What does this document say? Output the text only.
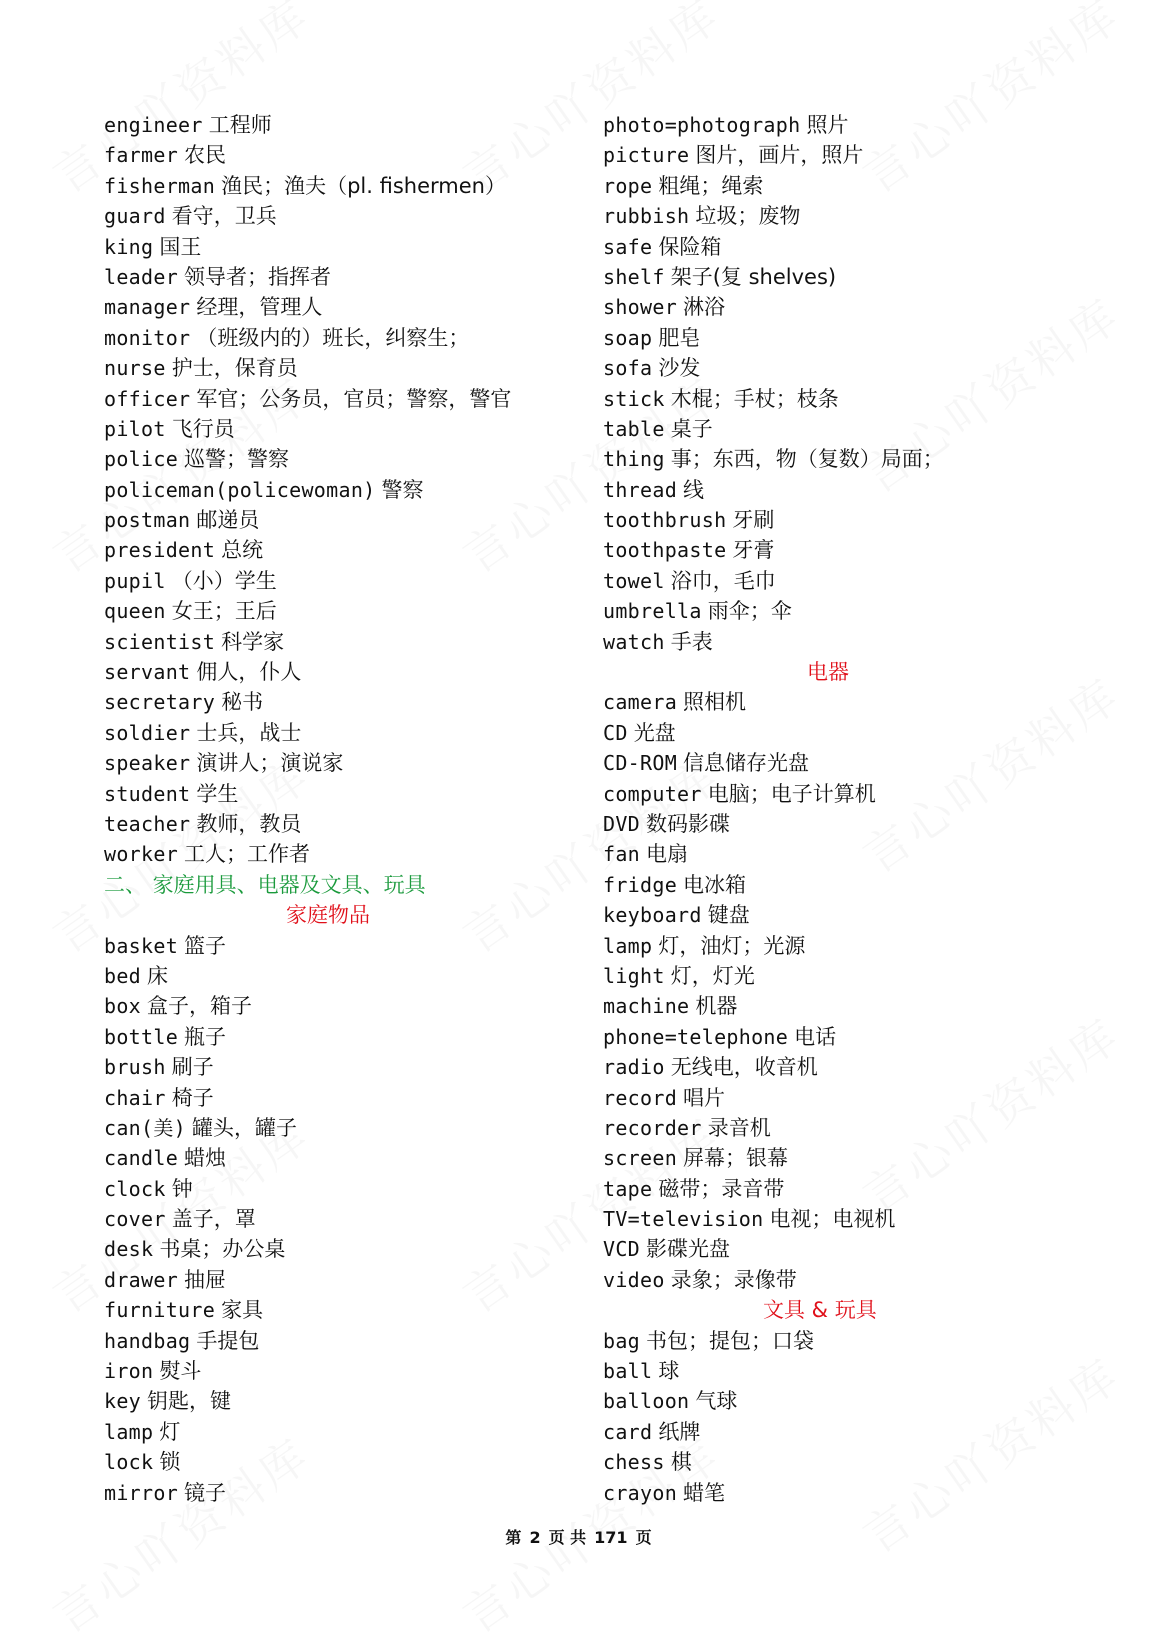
engineer 工程师
farmer 农民
fisherman 渔民；渔夫（pl. fishermen）
guard 看守，卫兵
king 国王
leader 领导者；指挥者
manager 经理，管理人
monitor （班级内的）班长，纠察生；
nurse 护士，保育员
officer 军官；公务员，官员；警察，警官
pilot 飞行员
police 巡警；警察
policeman(policewoman) 警察
postman 邮递员
president 总统
pupil （小）学生
queen 女王；王后
scientist 科学家
servant 佣人，仆人
secretary 秘书
soldier 士兵，战士
speaker 演讲人；演说家
student 学生
teacher 教师，教员
worker 工人；工作者
二、 家庭用具、电器及文具、玩具
家庭物品
basket 篮子
bed 床
box 盒子，箱子
bottle 瓶子
brush 刷子
chair 椅子
can(美) 罐头，罐子
candle 蜡烛
clock 钟
cover 盖子，罩
desk 书桌；办公桌
drawer 抽屉
furniture 家具
handbag 手提包
iron 熨斗
key 钥匙，键
lamp 灯
lock 锁
mirror 镜子
photo=photograph 照片
picture 图片，画片，照片
rope 粗绳；绳索
rubbish 垃圾；废物
safe 保险箱
shelf 架子(复 shelves)
shower 淋浴
soap 肥皂
sofa 沙发
stick 木棍；手杖；枝条
table 桌子
thing 事；东西，物（复数）局面；
thread 线
toothbrush 牙刷
toothpaste 牙膏
towel 浴巾，毛巾
umbrella 雨伞；伞
watch 手表
电器
camera 照相机
CD 光盘
CD-ROM 信息储存光盘
computer 电脑；电子计算机
DVD 数码影碟
fan 电扇
fridge 电冰箱
keyboard 键盘
lamp 灯，油灯；光源
light 灯，灯光
machine 机器
phone=telephone 电话
radio 无线电，收音机
record 唱片
recorder 录音机
screen 屏幕；银幕
tape 磁带；录音带
TV=television 电视；电视机
VCD 影碟光盘
video 录象；录像带
文具 & 玩具
bag 书包；提包；口袋
ball 球
balloon 气球
card 纸牌
chess 棋
crayon 蜡笔
第 2 页 共 171 页
